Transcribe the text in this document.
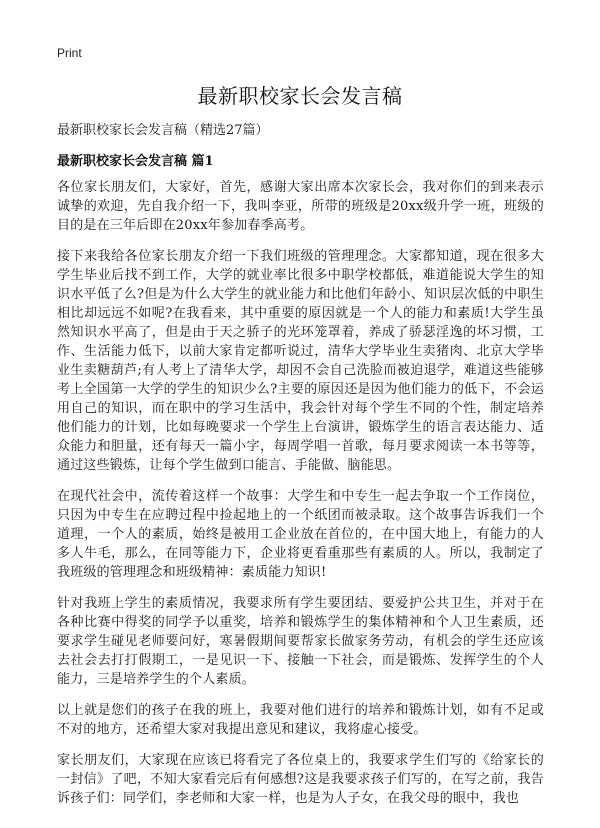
Print
最新职校家长会发言稿
最新职校家长会发言稿（精选27篇）
最新职校家长会发言稿 篇1

各位家长朋友们，大家好，首先，感谢大家出席本次家长会，我对你们的到来表示诚挚的欢迎，先自我介绍一下，我叫李亚，所带的班级是20xx级升学一班，班级的目的是在三年后即在20xx年参加春季高考。

接下来我给各位家长朋友介绍一下我们班级的管理理念。大家都知道，现在很多大学生毕业后找不到工作，大学的就业率比很多中职学校都低，难道能说大学生的知识水平低了么?但是为什么大学生的就业能力和比他们年龄小、知识层次低的中职生相比却远远不如呢?在我看来，其中重要的原因就是一个人的能力和素质!大学生虽然知识水平高了，但是由于天之骄子的光环笼罩着，养成了骄瑟淫逸的坏习惯，工作、生活能力低下，以前大家肯定都听说过，清华大学毕业生卖猪肉、北京大学毕业生卖糖葫芦;有人考上了清华大学，却因不会自己洗脸而被迫退学，难道这些能够考上全国第一大学的学生的知识少么?主要的原因还是因为他们能力的低下，不会运用自己的知识，而在职中的学习生活中，我会针对每个学生不同的个性，制定培养他们能力的计划，比如每晚要求一个学生上台演讲，锻炼学生的语言表达能力、适众能力和胆量，还有每天一篇小字，每周学唱一首歌，每月要求阅读一本书等等，通过这些锻炼，让每个学生做到口能言、手能做、脑能思。

在现代社会中，流传着这样一个故事：大学生和中专生一起去争取一个工作岗位，只因为中专生在应聘过程中捡起地上的一个纸团而被录取。这个故事告诉我们一个道理，一个人的素质，始终是被用工企业放在首位的，在中国大地上，有能力的人多人牛毛，那么，在同等能力下，企业将更看重那些有素质的人。所以，我制定了我班级的管理理念和班级精神：素质能力知识!

针对我班上学生的素质情况，我要求所有学生要团结、要爱护公共卫生，并对于在各种比赛中得奖的同学予以重奖，培养和锻炼学生的集体精神和个人卫生素质，还要求学生碰见老师要问好，寒暑假期间要帮家长做家务劳动，有机会的学生还应该去社会去打打假期工，一是见识一下、接触一下社会，而是锻炼、发挥学生的个人能力，三是培养学生的个人素质。

以上就是您们的孩子在我的班上，我要对他们进行的培养和锻炼计划，如有不足或不对的地方，还希望大家对我提出意见和建议，我将虚心接受。

家长朋友们，大家现在应该已将看完了各位桌上的，我要求学生们写的《给家长的一封信》了吧，不知大家看完后有何感想?这是我要求孩子们写的，在写之前，我告诉孩子们：同学们，李老师和大家一样，也是为人子女，在我父母的眼中，我也
